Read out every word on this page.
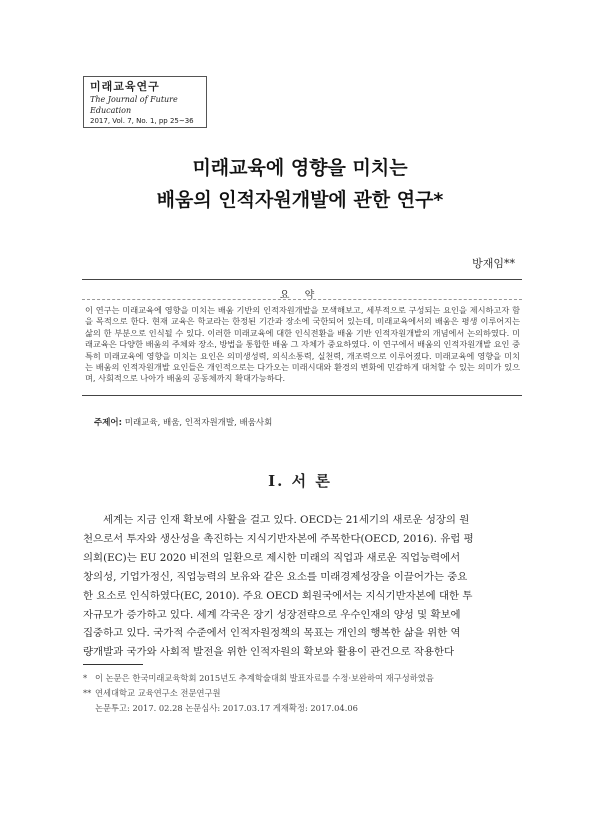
미래교육연구
The Journal of Future Education
2017, Vol. 7, No. 1, pp 25~36
미래교육에 영향을 미치는
배움의 인적자원개발에 관한 연구*
방재임**
요 약
이 연구는 미래교육에 영향을 미치는 배움 기반의 인적자원개발을 모색해보고, 세부적으로 구성되는 요인을 제시하고자 함을 목적으로 한다. 현재 교육은 학교라는 한정된 기간과 장소에 국한되어 있는데, 미래교육에서의 배움은 평생 이루어지는 삶의 한 부분으로 인식될 수 있다. 이러한 미래교육에 대한 인식전환을 배움 기반 인적자원개발의 개념에서 논의하였다. 미래교육은 다양한 배움의 주체와 장소, 방법을 통합한 배움 그 자체가 중요하였다. 이 연구에서 배움의 인적자원개발 요인 중 특히 미래교육에 영향을 미치는 요인은 의미생성력, 의식소통력, 실천력, 개조력으로 이루어졌다. 미래교육에 영향을 미치는 배움의 인적자원개발 요인들은 개인적으로는 다가오는 미래시대와 환경의 변화에 민감하게 대처할 수 있는 의미가 있으며, 사회적으로 나아가 배움의 공동체까지 확대가능하다.
주제어: 미래교육, 배움, 인적자원개발, 배움사회
Ⅰ. 서 론
세계는 지금 인재 확보에 사활을 걸고 있다. OECD는 21세기의 새로운 성장의 원
천으로서 투자와 생산성을 촉진하는 지식기반자본에 주목한다(OECD, 2016). 유럽 평
의회(EC)는 EU 2020 비전의 일환으로 제시한 미래의 직업과 새로운 직업능력에서
창의성, 기업가정신, 직업능력의 보유와 같은 요소를 미래경제성장을 이끌어가는 중요
한 요소로 인식하였다(EC, 2010). 주요 OECD 회원국에서는 지식기반자본에 대한 투
자규모가 증가하고 있다. 세계 각국은 장기 성장전략으로 우수인재의 양성 및 확보에
집중하고 있다. 국가적 수준에서 인적자원정책의 목표는 개인의 행복한 삶을 위한 역
량개발과 국가와 사회적 발전을 위한 인적자원의 확보와 활용이 관건으로 작용한다
* 이 논문은 한국미래교육학회 2015년도 추계학술대회 발표자료를 수정·보완하여 재구성하였음
** 연세대학교 교육연구소 전문연구원
논문투고: 2017. 02.28 논문심사: 2017.03.17 게재확정: 2017.04.06
